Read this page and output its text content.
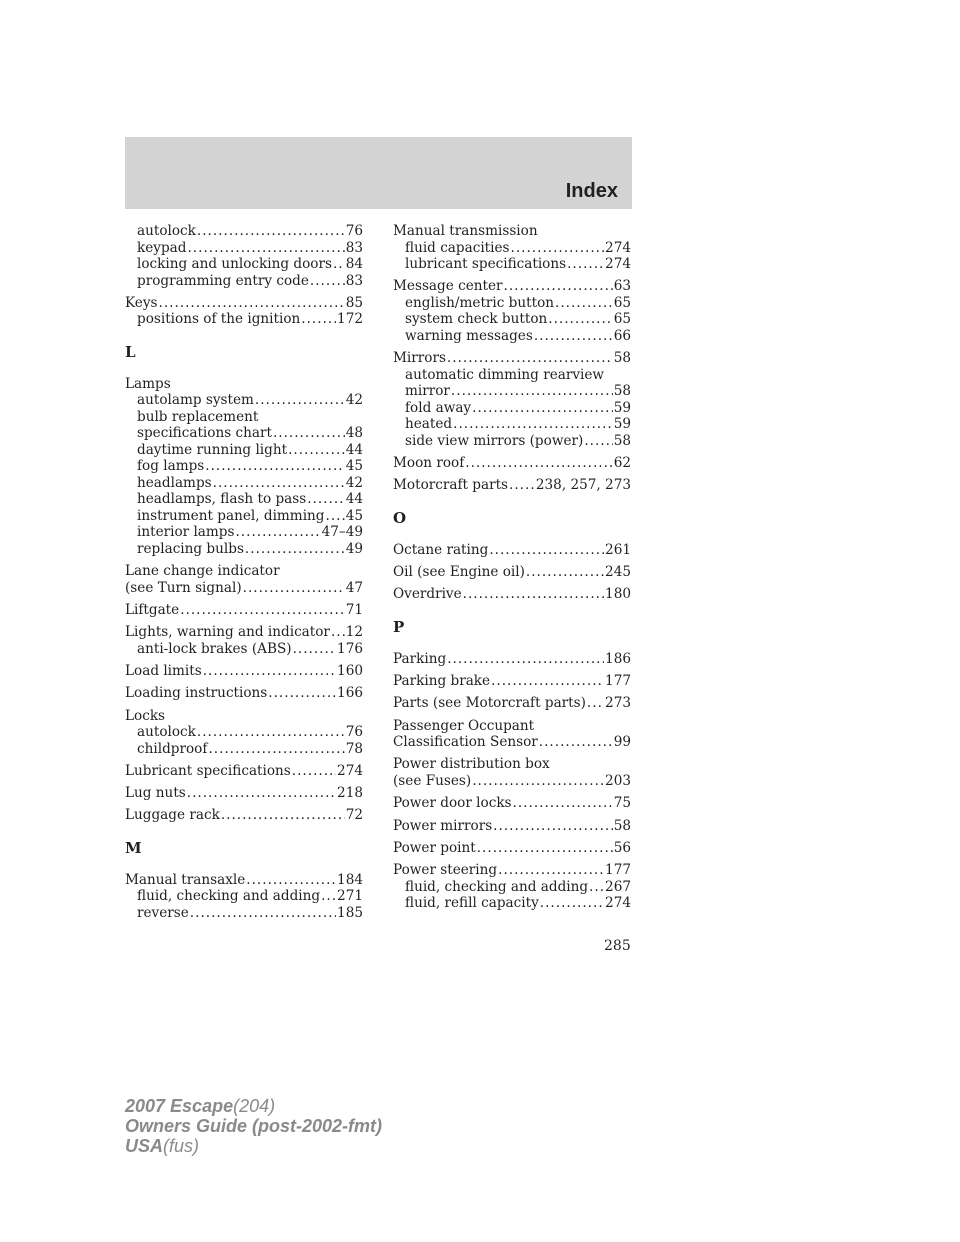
Index
autolock .....	76
keypad .....	83
locking and unlocking doors ..... 84
programming entry code .....	83
Keys .....	85
positions of the ignition .....	172
L
Lamps
autolamp system .....	42
bulb replacement
specifications chart .....	48
daytime running light .....	44
fog lamps .....	45
headlamps .....	42
headlamps, flash to pass .....	44
instrument panel, dimming ..... 45
interior lamps .....	47–49
replacing bulbs .....	49
Lane change indicator
(see Turn signal) .....	47
Liftgate .....	71
Lights, warning and indicator ..... 12
anti-lock brakes (ABS) .....	176
Load limits .....	160
Loading instructions .....	166
Locks
autolock .....	76
childproof .....	78
Lubricant specifications .....	274
Lug nuts .....	218
Luggage rack .....	72
M
Manual transaxle .....	184
fluid, checking and adding ..... 271
reverse .....	185
Manual transmission
fluid capacities .....	274
lubricant specifications .....	274
Message center .....	63
english/metric button .....	65
system check button .....	65
warning messages .....	66
Mirrors .....	58
automatic dimming rearview
mirror .....	58
fold away .....	59
heated .....	59
side view mirrors (power) ..... 58
Moon roof .....	62
Motorcraft parts ..... 238, 257, 273
O
Octane rating .....	261
Oil (see Engine oil) .....	245
Overdrive .....	180
P
Parking .....	186
Parking brake .....	177
Parts (see Motorcraft parts) ..... 273
Passenger Occupant
Classification Sensor .....	99
Power distribution box
(see Fuses) .....	203
Power door locks .....	75
Power mirrors .....	58
Power point .....	56
Power steering .....	177
fluid, checking and adding ..... 267
fluid, refill capacity .....	274
285
2007 Escape(204)
Owners Guide (post-2002-fmt)
USA(fus)
